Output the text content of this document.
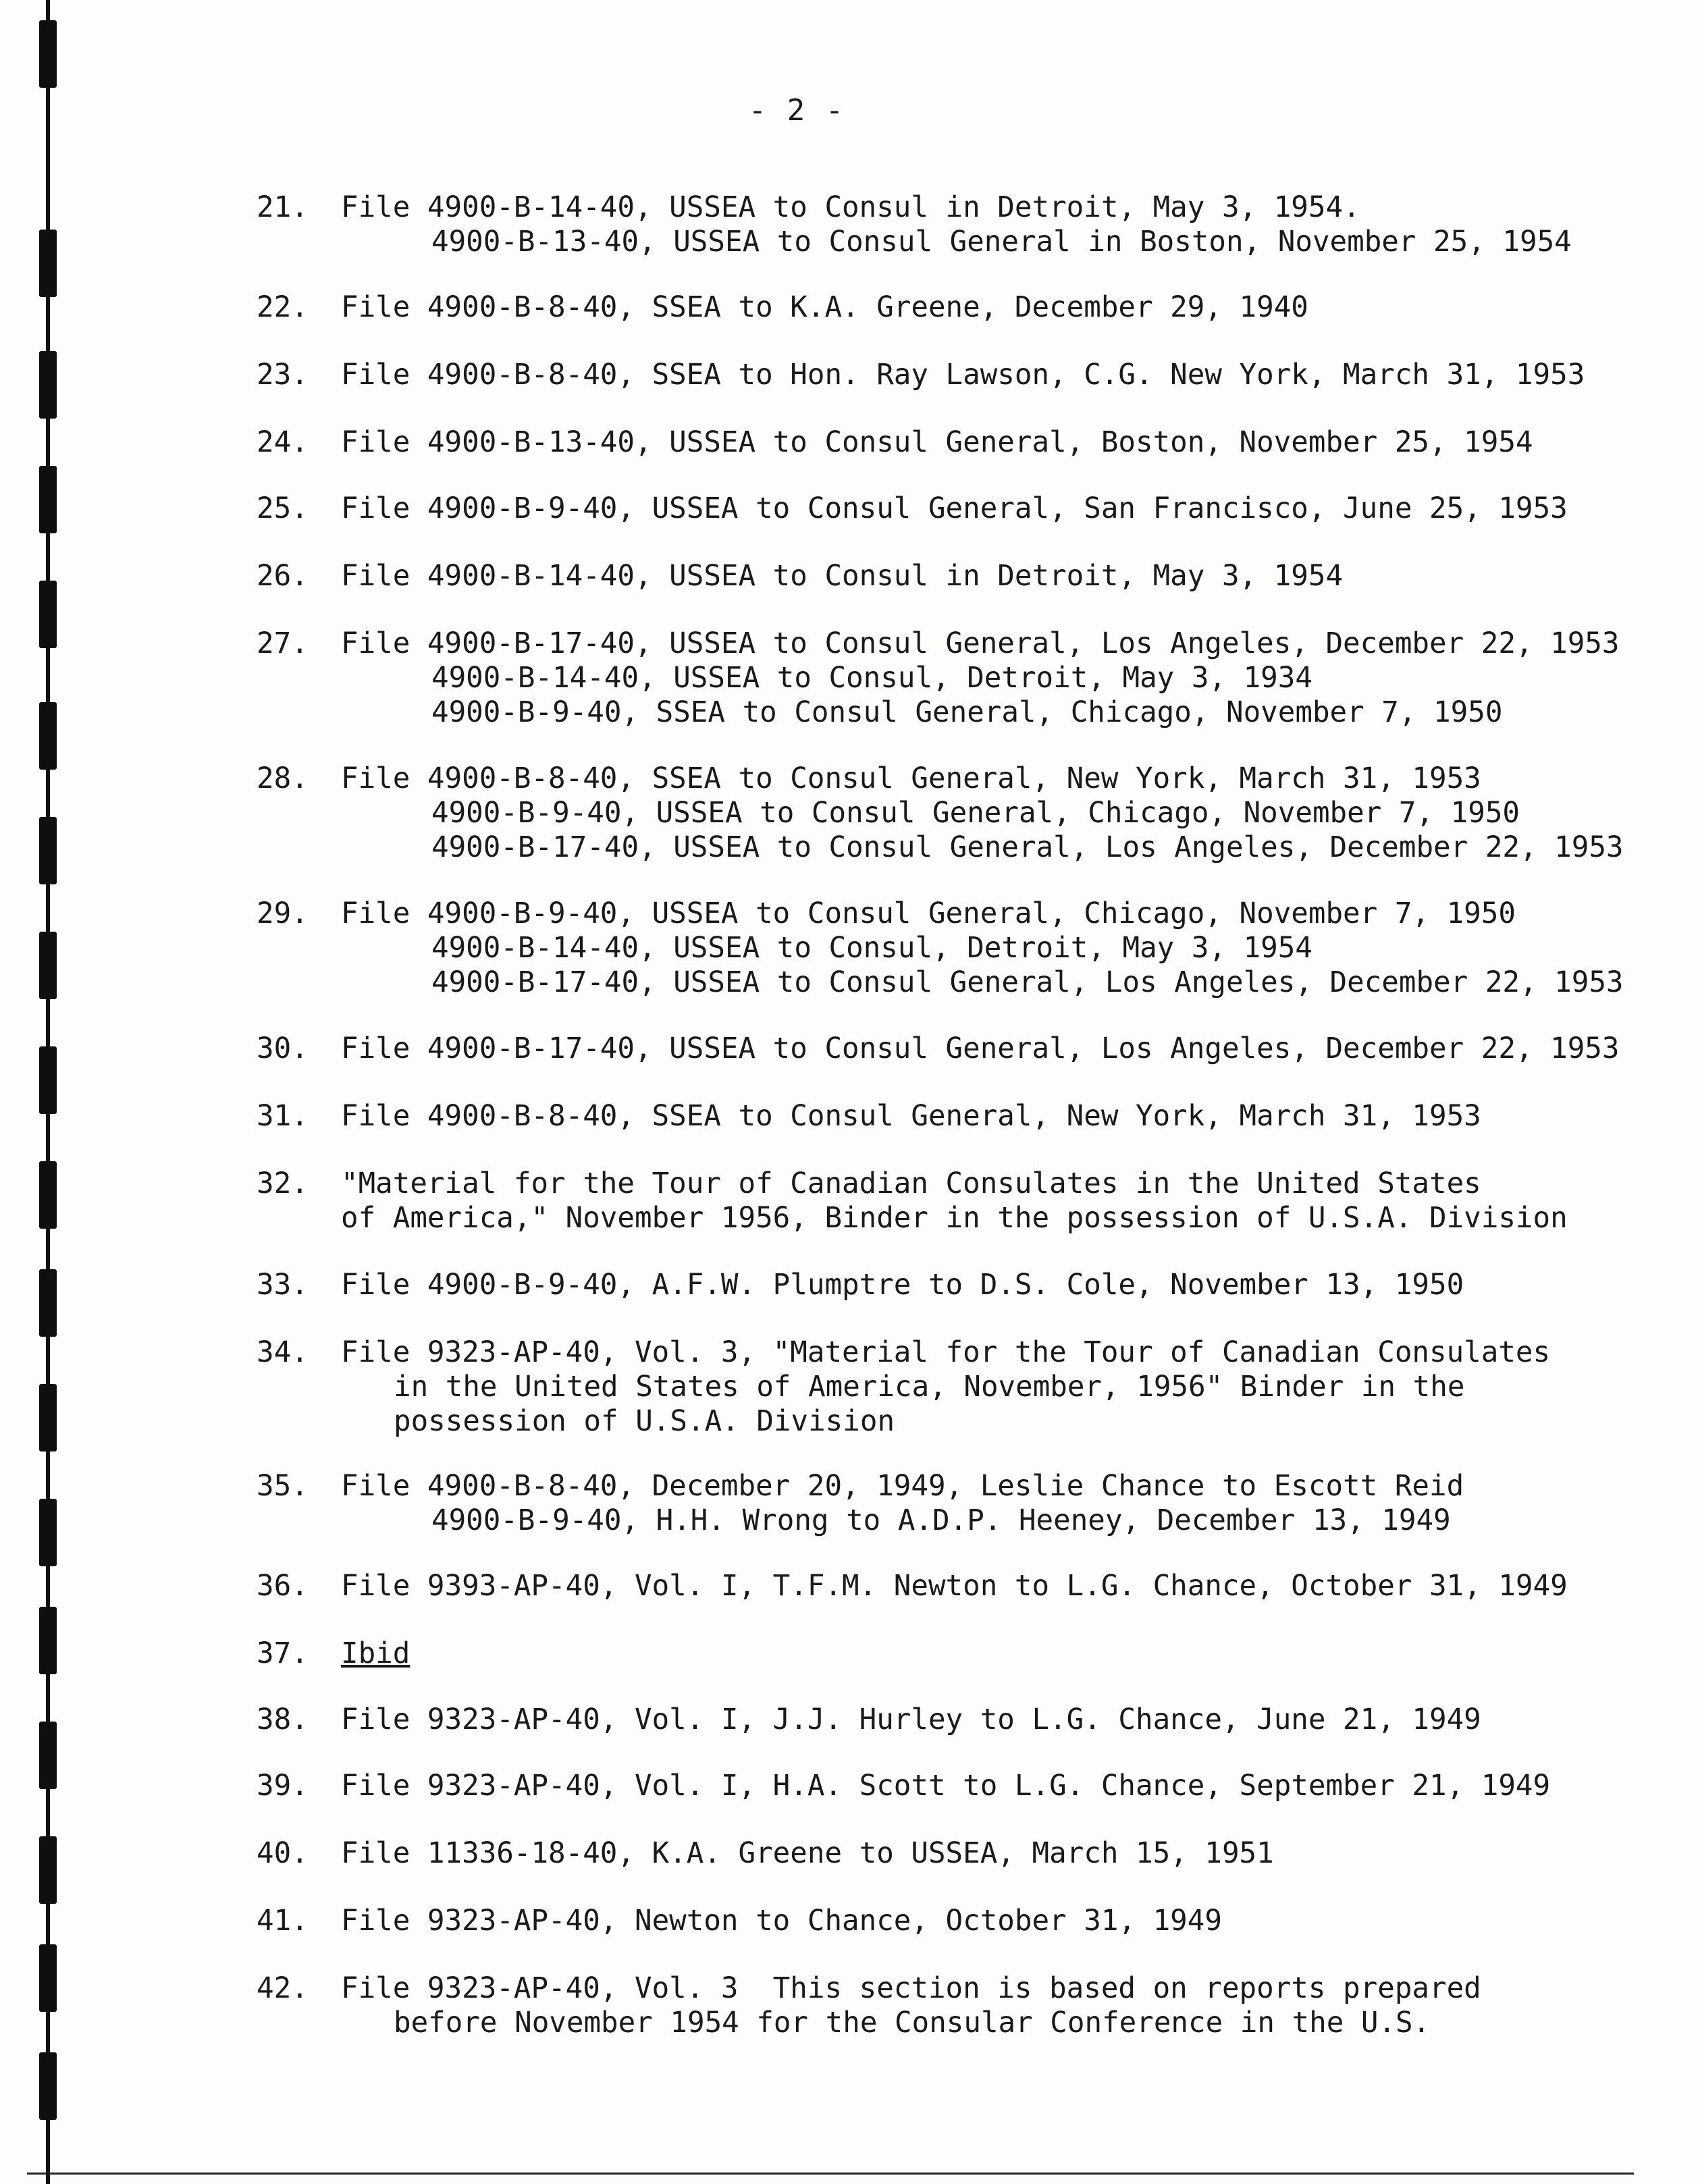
- 2 -
21.	File 4900-B-14-40, USSEA to Consul in Detroit, May 3, 1954.
4900-B-13-40, USSEA to Consul General in Boston, November 25, 1954
22.	File 4900-B-8-40, SSEA to K.A. Greene, December 29, 1940
23.	File 4900-B-8-40, SSEA to Hon. Ray Lawson, C.G. New York, March 31, 1953
24.	File 4900-B-13-40, USSEA to Consul General, Boston, November 25, 1954
25.	File 4900-B-9-40, USSEA to Consul General, San Francisco, June 25, 1953
26.	File 4900-B-14-40, USSEA to Consul in Detroit, May 3, 1954
27.	File 4900-B-17-40, USSEA to Consul General, Los Angeles, December 22, 1953
4900-B-14-40, USSEA to Consul, Detroit, May 3, 1934
4900-B-9-40, SSEA to Consul General, Chicago, November 7, 1950
28.	File 4900-B-8-40, SSEA to Consul General, New York, March 31, 1953
4900-B-9-40, USSEA to Consul General, Chicago, November 7, 1950
4900-B-17-40, USSEA to Consul General, Los Angeles, December 22, 1953
29.	File 4900-B-9-40, USSEA to Consul General, Chicago, November 7, 1950
4900-B-14-40, USSEA to Consul, Detroit, May 3, 1954
4900-B-17-40, USSEA to Consul General, Los Angeles, December 22, 1953
30.	File 4900-B-17-40, USSEA to Consul General, Los Angeles, December 22, 1953
31.	File 4900-B-8-40, SSEA to Consul General, New York, March 31, 1953
32.	"Material for the Tour of Canadian Consulates in the United States
of America," November 1956, Binder in the possession of U.S.A. Division
33.	File 4900-B-9-40, A.F.W. Plumptre to D.S. Cole, November 13, 1950
34.	File 9323-AP-40, Vol. 3, "Material for the Tour of Canadian Consulates
in the United States of America, November, 1956" Binder in the
possession of U.S.A. Division
35.	File 4900-B-8-40, December 20, 1949, Leslie Chance to Escott Reid
4900-B-9-40, H.H. Wrong to A.D.P. Heeney, December 13, 1949
36.	File 9393-AP-40, Vol. I, T.F.M. Newton to L.G. Chance, October 31, 1949
37.	Ibid
38.	File 9323-AP-40, Vol. I, J.J. Hurley to L.G. Chance, June 21, 1949
39.	File 9323-AP-40, Vol. I, H.A. Scott to L.G. Chance, September 21, 1949
40.	File 11336-18-40, K.A. Greene to USSEA, March 15, 1951
41.	File 9323-AP-40, Newton to Chance, October 31, 1949
42.	File 9323-AP-40, Vol. 3  This section is based on reports prepared
before November 1954 for the Consular Conference in the U.S.
